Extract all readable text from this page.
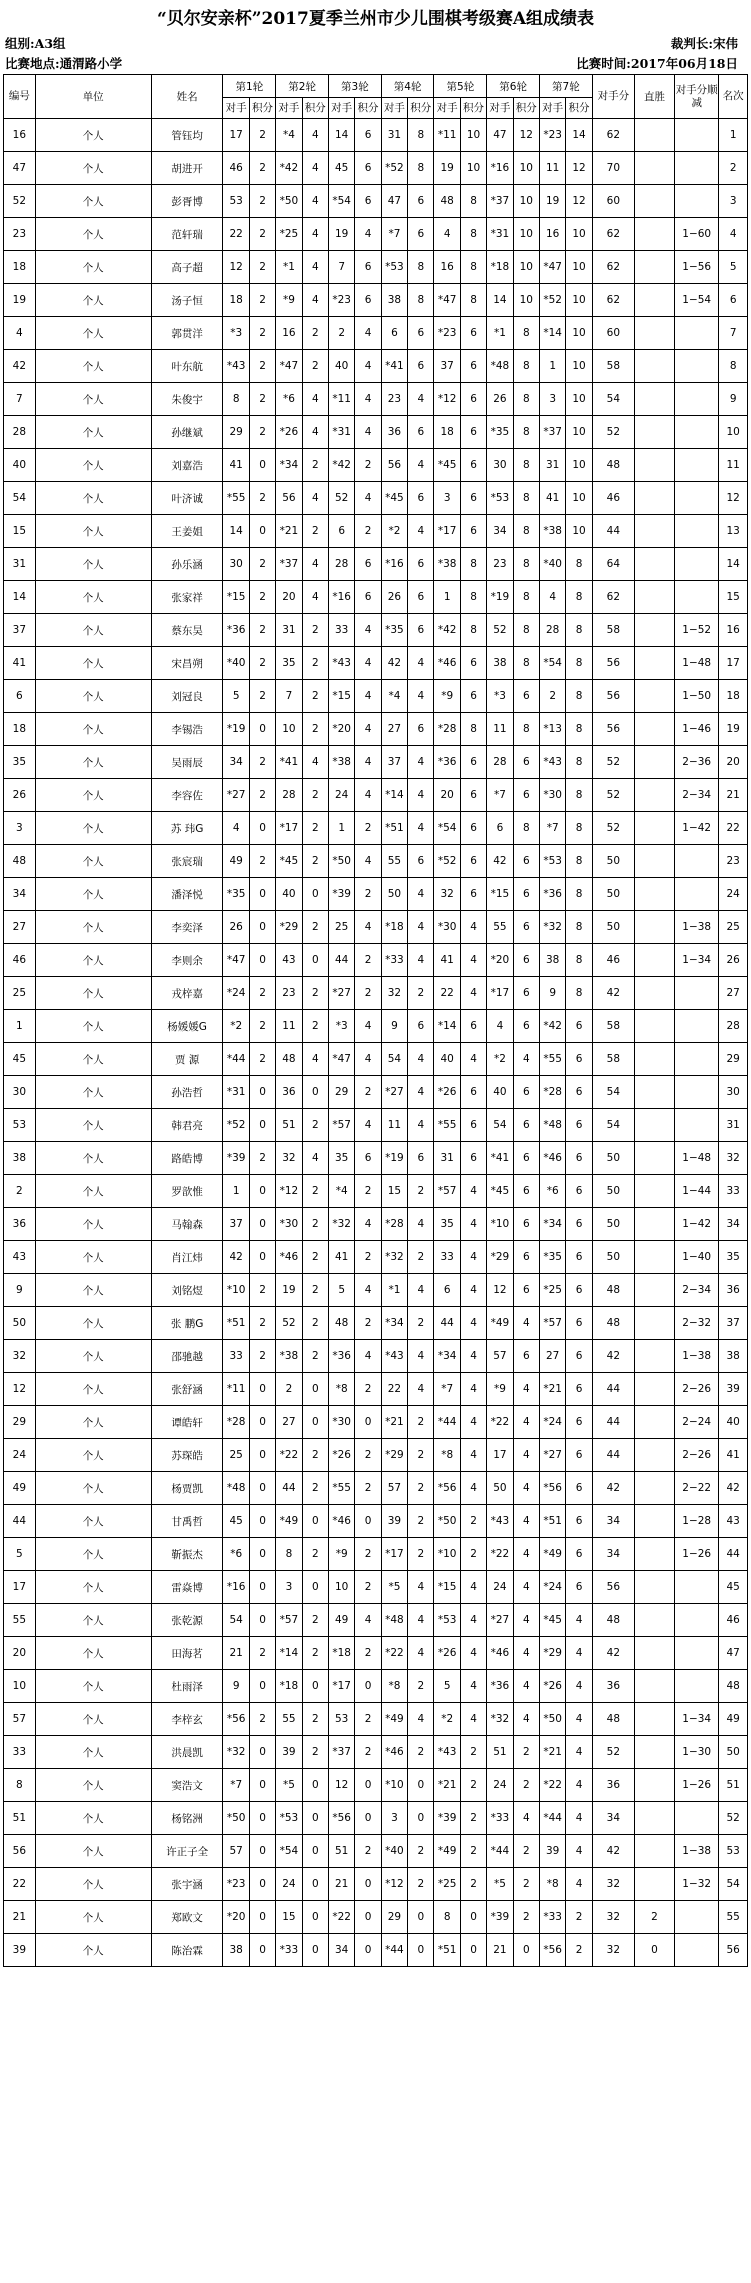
“贝尔安亲杯”2017夏季兰州市少儿围棋考级赛A组成绩表
组别:A3组	裁判长:宋伟
比赛地点:通渭路小学	比赛时间:2017年06月18日
编号	单位	姓名	第1轮		第2轮		第3轮		第4轮		第5轮		第6轮		第7轮		对手分	直胜	对手分顺减	名次
			对手	积分	对手	积分	对手	积分	对手	积分	对手	积分	对手	积分	对手	积分				
16	个人	管钰均	17	2	*4	4	14	6	31	8	*11	10	47	12	*23	14	62			1
47	个人	胡进开	46	2	*42	4	45	6	*52	8	19	10	*16	10	11	12	70			2
52	个人	彭胥博	53	2	*50	4	*54	6	47	6	48	8	*37	10	19	12	60			3
23	个人	范轩瑞	22	2	*25	4	19	4	*7	6	4	8	*31	10	16	10	62		1−60	4
18	个人	高子超	12	2	*1	4	7	6	*53	8	16	8	*18	10	*47	10	62		1−56	5
19	个人	汤子恒	18	2	*9	4	*23	6	38	8	*47	8	14	10	*52	10	62		1−54	6
4	个人	郭贯洋	*3	2	16	2	2	4	6	6	*23	6	*1	8	*14	10	60			7
42	个人	叶东航	*43	2	*47	2	40	4	*41	6	37	6	*48	8	1	10	58			8
7	个人	朱俊宇	8	2	*6	4	*11	4	23	4	*12	6	26	8	3	10	54			9
28	个人	孙继斌	29	2	*26	4	*31	4	36	6	18	6	*35	8	*37	10	52			10
40	个人	刘嘉浩	41	0	*34	2	*42	2	56	4	*45	6	30	8	31	10	48			11
54	个人	叶济诚	*55	2	56	4	52	4	*45	6	3	6	*53	8	41	10	46			12
15	个人	王姜姐	14	0	*21	2	6	2	*2	4	*17	6	34	8	*38	10	44			13
31	个人	孙乐涵	30	2	*37	4	28	6	*16	6	*38	8	23	8	*40	8	64			14
14	个人	张家祥	*15	2	20	4	*16	6	26	6	1	8	*19	8	4	8	62			15
37	个人	蔡东昊	*36	2	31	2	33	4	*35	6	*42	8	52	8	28	8	58		1−52	16
41	个人	宋昌朔	*40	2	35	2	*43	4	42	4	*46	6	38	8	*54	8	56		1−48	17
6	个人	刘冠良	5	2	7	2	*15	4	*4	4	*9	6	*3	6	2	8	56		1−50	18
18	个人	李锡浩	*19	0	10	2	*20	4	27	6	*28	8	11	8	*13	8	56		1−46	19
35	个人	吴雨辰	34	2	*41	4	*38	4	37	4	*36	6	28	6	*43	8	52		2−36	20
26	个人	李容佐	*27	2	28	2	24	4	*14	4	20	6	*7	6	*30	8	52		2−34	21
3	个人	苏 玮G	4	0	*17	2	1	2	*51	4	*54	6	6	8	*7	8	52		1−42	22
48	个人	张宸瑞	49	2	*45	2	*50	4	55	6	*52	6	42	6	*53	8	50			23
34	个人	潘泽悦	*35	0	40	0	*39	2	50	4	32	6	*15	6	*36	8	50			24
27	个人	李奕泽	26	0	*29	2	25	4	*18	4	*30	4	55	6	*32	8	50		1−38	25
46	个人	李则余	*47	0	43	0	44	2	*33	4	41	4	*20	6	38	8	46		1−34	26
25	个人	戎梓嘉	*24	2	23	2	*27	2	32	2	22	4	*17	6	9	8	42			27
1	个人	杨媛媛G	*2	2	11	2	*3	4	9	6	*14	6	4	6	*42	6	58			28
45	个人	贾 源	*44	2	48	4	*47	4	54	4	40	4	*2	4	*55	6	58			29
30	个人	孙浩哲	*31	0	36	0	29	2	*27	4	*26	6	40	6	*28	6	54			30
53	个人	韩君亮	*52	0	51	2	*57	4	11	4	*55	6	54	6	*48	6	54			31
38	个人	路皓博	*39	2	32	4	35	6	*19	6	31	6	*41	6	*46	6	50		1−48	32
2	个人	罗歆惟	1	0	*12	2	*4	2	15	2	*57	4	*45	6	*6	6	50		1−44	33
36	个人	马翰森	37	0	*30	2	*32	4	*28	4	35	4	*10	6	*34	6	50		1−42	34
43	个人	肖江炜	42	0	*46	2	41	2	*32	2	33	4	*29	6	*35	6	50		1−40	35
9	个人	刘铭煜	*10	2	19	2	5	4	*1	4	6	4	12	6	*25	6	48		2−34	36
50	个人	张 鹏G	*51	2	52	2	48	2	*34	2	44	4	*49	4	*57	6	48		2−32	37
32	个人	邵驰越	33	2	*38	2	*36	4	*43	4	*34	4	57	6	27	6	42		1−38	38
12	个人	张舒涵	*11	0	2	0	*8	2	22	4	*7	4	*9	4	*21	6	44		2−26	39
29	个人	谭皓轩	*28	0	27	0	*30	0	*21	2	*44	4	*22	4	*24	6	44		2−24	40
24	个人	苏琛皓	25	0	*22	2	*26	2	*29	2	*8	4	17	4	*27	6	44		2−26	41
49	个人	杨贾凯	*48	0	44	2	*55	2	57	2	*56	4	50	4	*56	6	42		2−22	42
44	个人	甘禹哲	45	0	*49	0	*46	0	39	2	*50	2	*43	4	*51	6	34		1−28	43
5	个人	靳振杰	*6	0	8	2	*9	2	*17	2	*10	2	*22	4	*49	6	34		1−26	44
17	个人	雷焱博	*16	0	3	0	10	2	*5	4	*15	4	24	4	*24	6	56			45
55	个人	张乾源	54	0	*57	2	49	4	*48	4	*53	4	*27	4	*45	4	48			46
20	个人	田海茗	21	2	*14	2	*18	2	*22	4	*26	4	*46	4	*29	4	42			47
10	个人	杜雨泽	9	0	*18	0	*17	0	*8	2	5	4	*36	4	*26	4	36			48
57	个人	李梓玄	*56	2	55	2	53	2	*49	4	*2	4	*32	4	*50	4	48		1−34	49
33	个人	洪晨凯	*32	0	39	2	*37	2	*46	2	*43	2	51	2	*21	4	52		1−30	50
8	个人	窦浩文	*7	0	*5	0	12	0	*10	0	*21	2	24	2	*22	4	36		1−26	51
51	个人	杨铭洲	*50	0	*53	0	*56	0	3	0	*39	2	*33	4	*44	4	34			52
56	个人	许正子全	57	0	*54	0	51	2	*40	2	*49	2	*44	2	39	4	42		1−38	53
22	个人	张宇涵	*23	0	24	0	21	0	*12	2	*25	2	*5	2	*8	4	32		1−32	54
21	个人	郑欧文	*20	0	15	0	*22	0	29	0	8	0	*39	2	*33	2	32	2		55
39	个人	陈治霖	38	0	*33	0	34	0	*44	0	*51	0	21	0	*56	2	32	0		56
